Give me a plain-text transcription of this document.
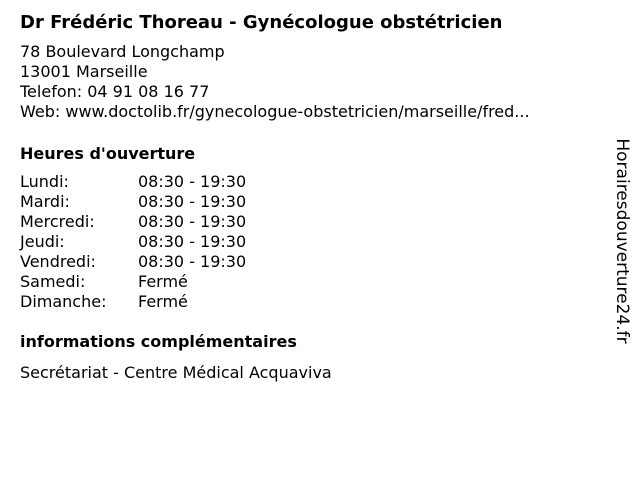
Dr Frédéric Thoreau - Gynécologue obstétricien
78 Boulevard Longchamp
13001 Marseille
Telefon: 04 91 08 16 77
Web: www.doctolib.fr/gynecologue-obstetricien/marseille/fred...
Heures d'ouverture
Lundi:	08:30 - 19:30
Mardi:	08:30 - 19:30
Mercredi:	08:30 - 19:30
Jeudi:	08:30 - 19:30
Vendredi:	08:30 - 19:30
Samedi:	Fermé
Dimanche:	Fermé
informations complémentaires
Secrétariat - Centre Médical Acquaviva
Horairesdouverture24.fr
